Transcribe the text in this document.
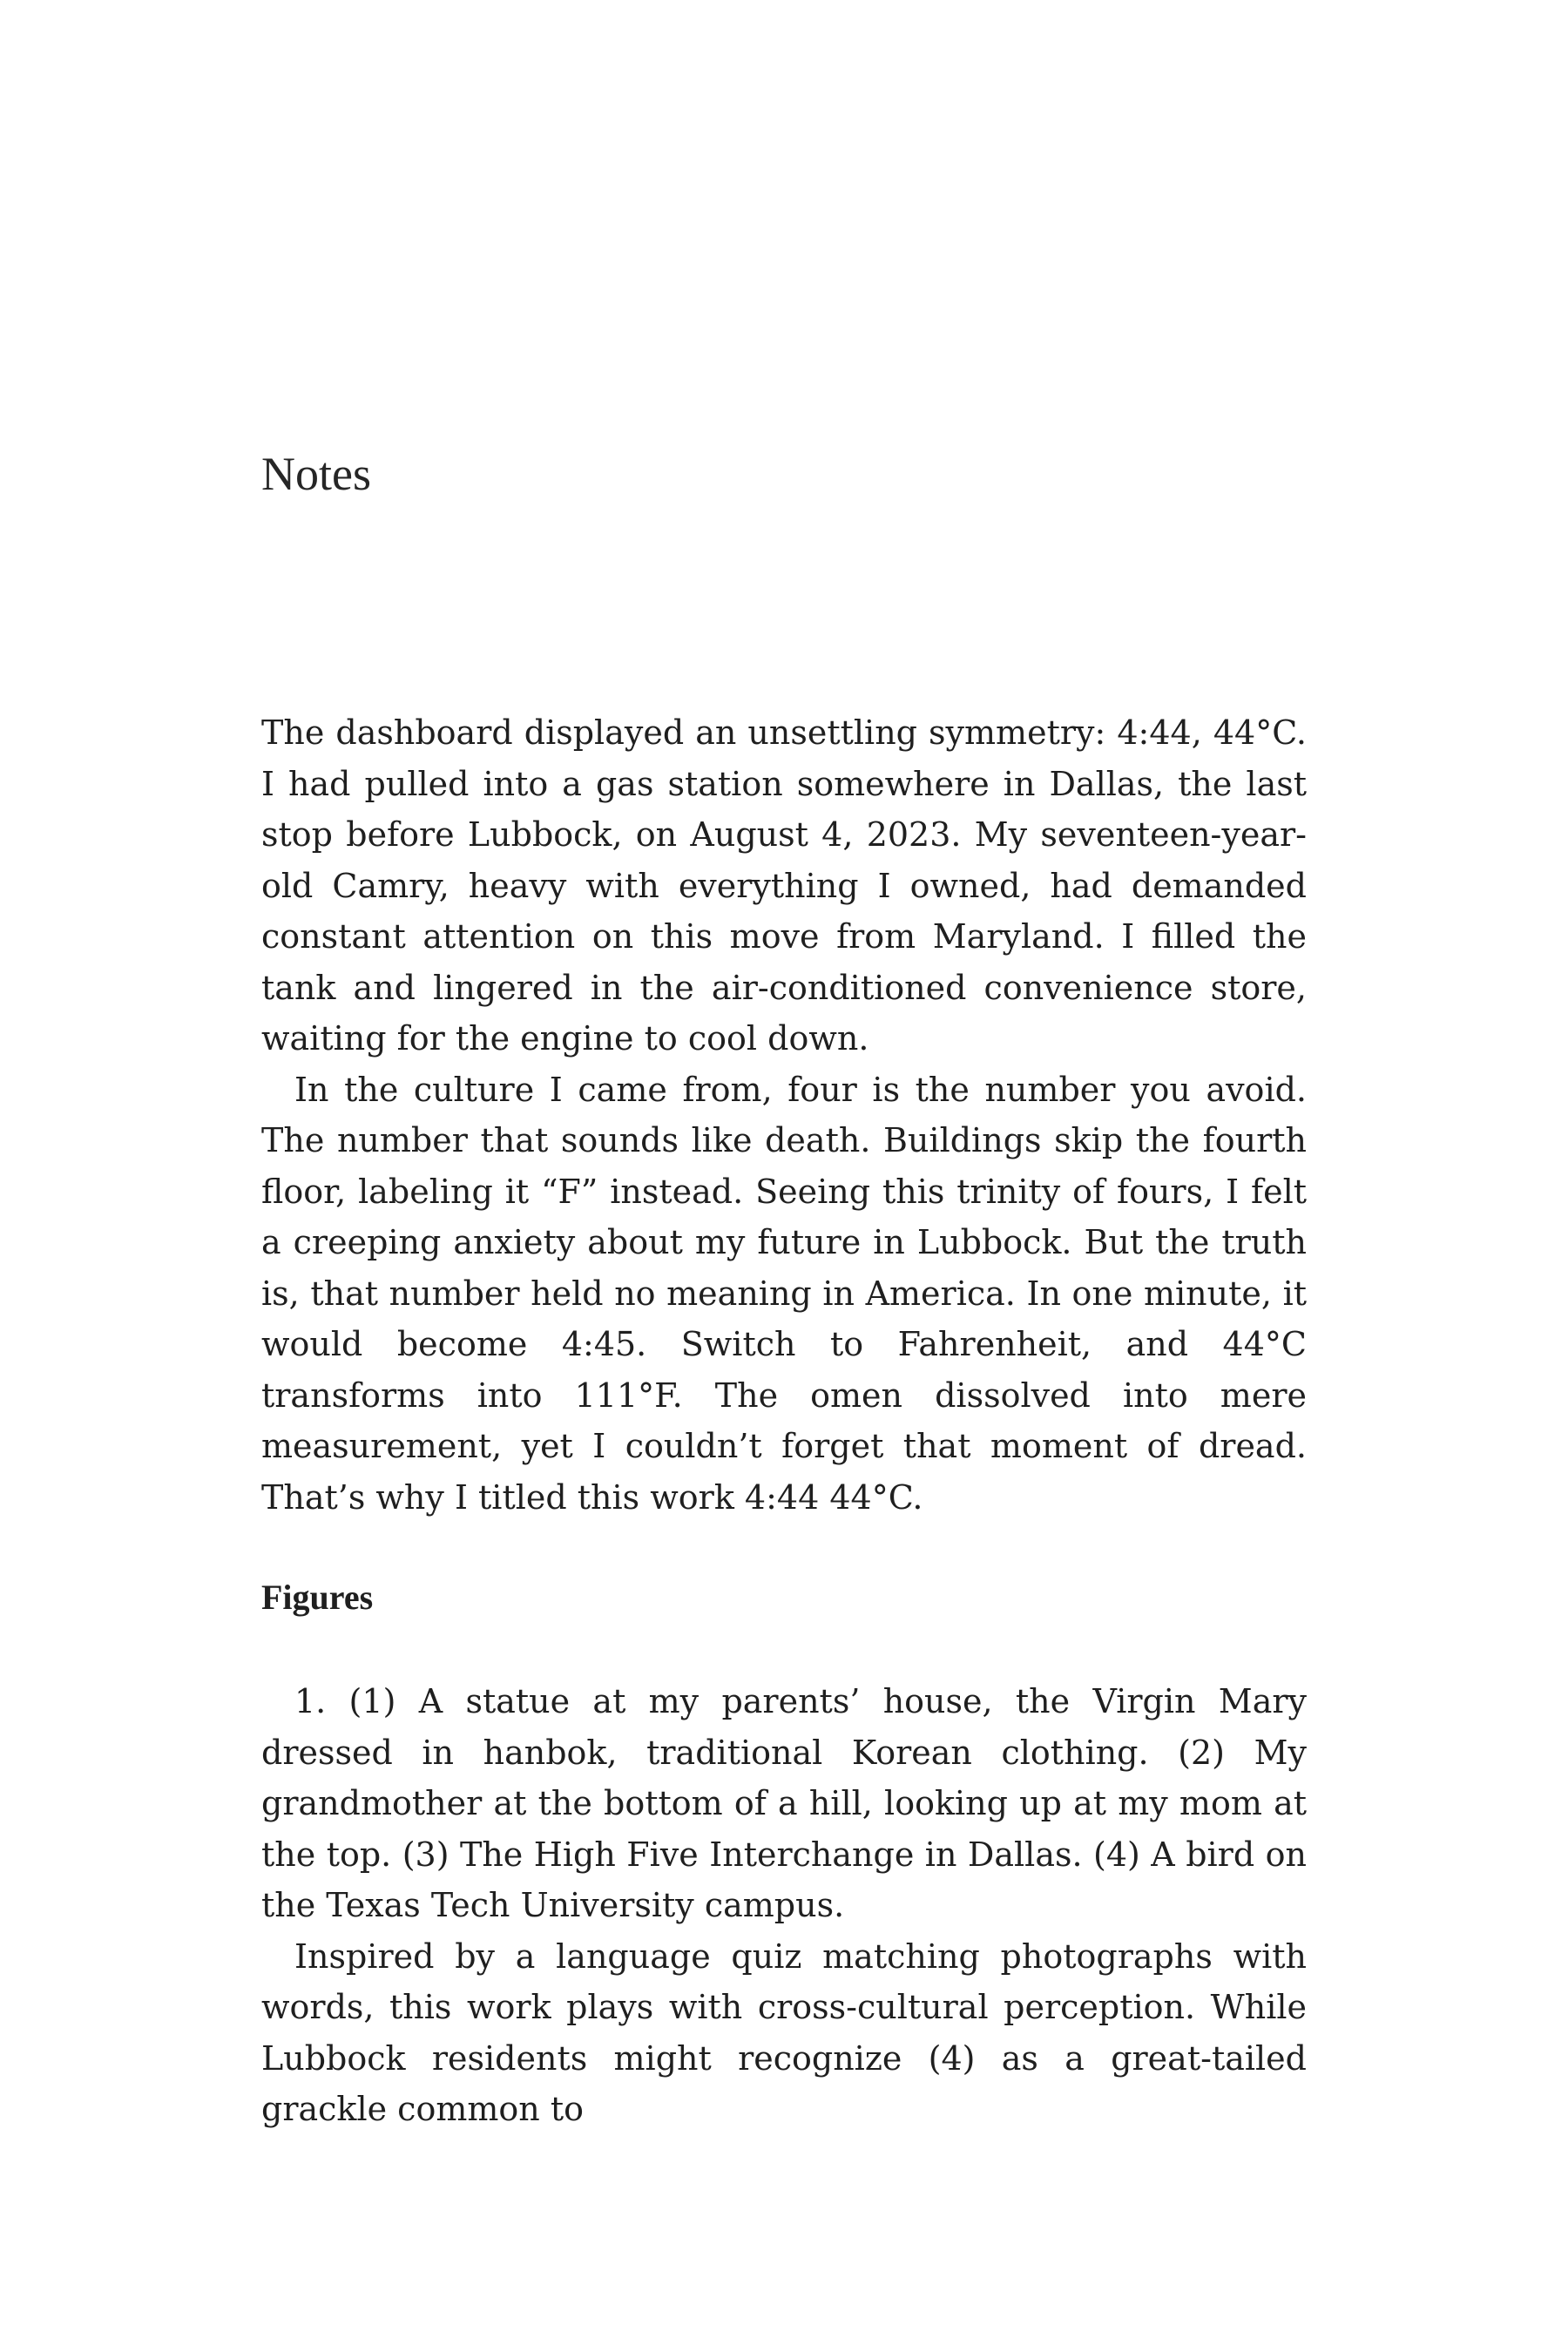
Notes

The dashboard displayed an unsettling symmetry: 4:44, 44°C. I had pulled into a gas station somewhere in Dallas, the last stop before Lubbock, on August 4, 2023. My seventeen-year-old Camry, heavy with everything I owned, had demanded constant attention on this move from Maryland. I filled the tank and lingered in the air-conditioned convenience store, waiting for the engine to cool down.

In the culture I came from, four is the number you avoid. The number that sounds like death. Buildings skip the fourth floor, labeling it “F” instead. Seeing this trinity of fours, I felt a creeping anxiety about my future in Lubbock. But the truth is, that number held no meaning in America. In one minute, it would become 4:45. Switch to Fahrenheit, and 44°C transforms into 111°F. The omen dissolved into mere measurement, yet I couldn’t forget that moment of dread. That’s why I titled this work 4:44 44°C.

Figures

1. (1) A statue at my parents’ house, the Virgin Mary dressed in hanbok, traditional Korean clothing. (2) My grandmother at the bottom of a hill, looking up at my mom at the top. (3) The High Five Interchange in Dallas. (4) A bird on the Texas Tech University campus.

Inspired by a language quiz matching photographs with words, this work plays with cross-cultural perception. While Lubbock residents might recognize (4) as a great-tailed grackle common to
